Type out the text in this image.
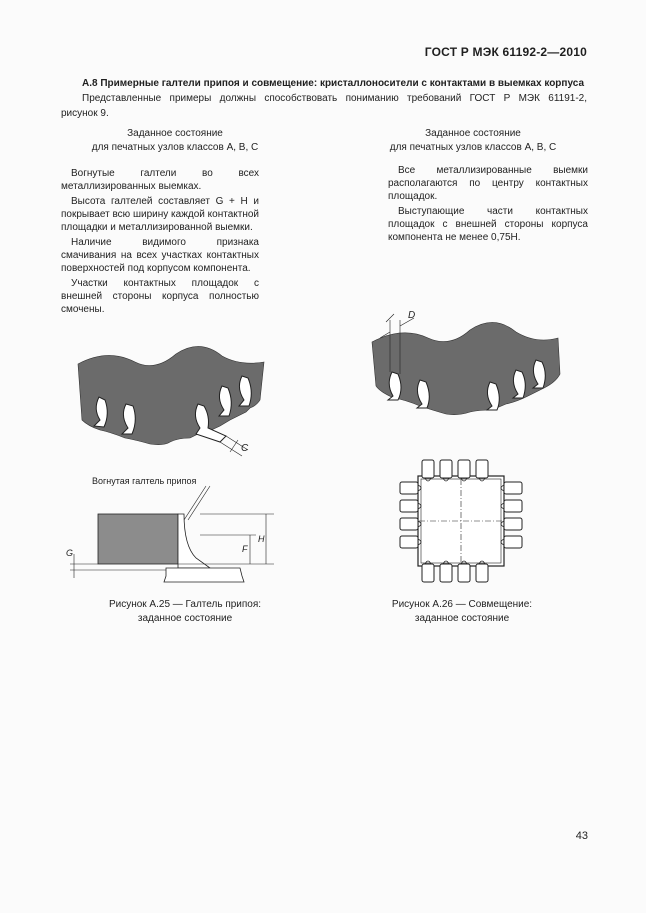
ГОСТ Р МЭК 61192-2—2010
А.8 Примерные галтели припоя и совмещение: кристаллоносители с контактами в выемках корпуса
Представленные примеры должны способствовать пониманию требований ГОСТ Р МЭК 61191-2,
рисунок 9.
Заданное состояние
для печатных узлов классов А, В, С

Вогнутые галтели во всех металлизированных выемках.

Высота галтелей составляет G + H и покрывает всю ширину каждой контактной площадки и металлизированной выемки.

Наличие видимого признака смачивания на всех участках контактных поверхностей под корпусом компонента.

Участки контактных площадок с внешней стороны корпуса полностью смочены.

Заданное состояние
для печатных узлов классов А, В, С

Все металлизированные выемки располагаются по центру контактных площадок.

Выступающие части контактных площадок с внешней стороны корпуса компонента не менее 0,75H.

C
Вогнутая галтель припоя
G	F
H
Рисунок А.25 — Галтель припоя:
заданное состояние
D
Рисунок А.26 — Совмещение:
заданное состояние
43
